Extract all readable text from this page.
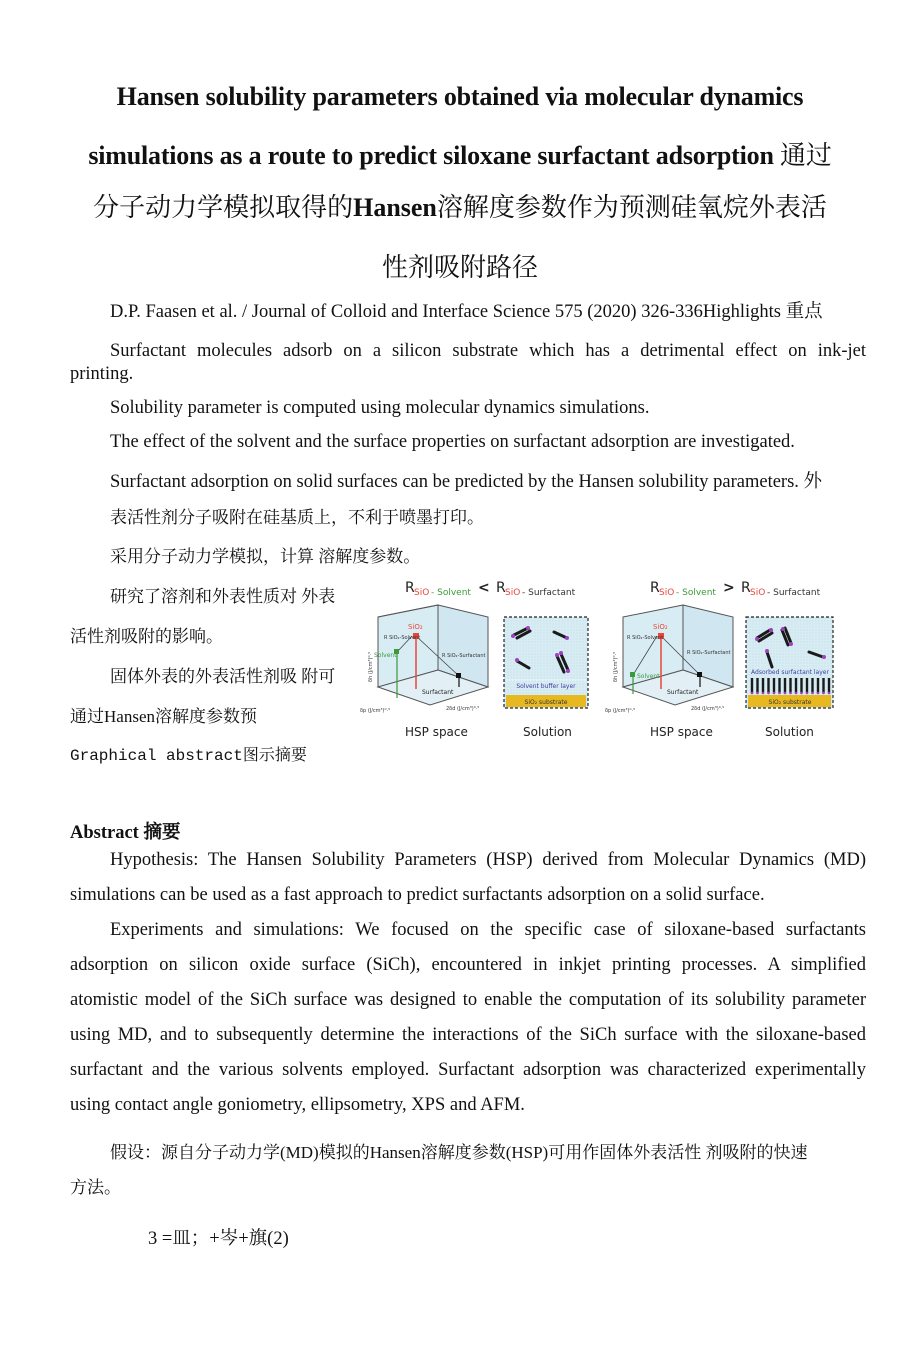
Hansen solubility parameters obtained via molecular dynamics
simulations as a route to predict siloxane surfactant adsorption 通过
分子动力学模拟取得的Hansen溶解度参数作为预测硅氧烷外表活
性剂吸附路径
D.P. Faasen et al. / Journal of Colloid and Interface Science 575 (2020) 326-336Highlights 重点
Surfactant molecules adsorb on a silicon substrate which has a detrimental effect on ink-jet
printing.
Solubility parameter is computed using molecular dynamics simulations.
The effect of the solvent and the surface properties on surfactant adsorption are investigated.
Surfactant adsorption on solid surfaces can be predicted by the Hansen solubility parameters. 外
表活性剂分子吸附在硅基质上，不利于喷墨打印。
采用分子动力学模拟，计算 溶解度参数。
研究了溶剂和外表性质对 外表
活性剂吸附的影响。
固体外表的外表活性剂吸 附可
通过Hansen溶解度参数预
Graphical abstract图示摘要
R SiO - Solvent < R SiO - Surfactant
SiO₂
Solvent
Surfactant
R SiO₂-Solvent
R SiO₂-Surfactant
δh (J/cm³)⁰·⁵
δp (J/cm³)⁰·⁵	2δd (J/cm³)⁰·⁵
HSP space
SiO₂ substrate
Solvent buffer layer
Solution
R SiO - Solvent > R SiO - Surfactant
SiO₂
Solvent
Surfactant
R SiO₂-Solvent
R SiO₂-Surfactant
δh (J/cm³)⁰·⁵
δp (J/cm³)⁰·⁵	2δd (J/cm³)⁰·⁵
HSP space
SiO₂ substrate
Adsorbed surfactant layer
Solution
Abstract 摘要
Hypothesis: The Hansen Solubility Parameters (HSP) derived from Molecular Dynamics (MD)
simulations can be used as a fast approach to predict surfactants adsorption on a solid surface.
Experiments and simulations: We focused on the specific case of siloxane-based surfactants
adsorption on silicon oxide surface (SiCh), encountered in inkjet printing processes. A simplified
atomistic model of the SiCh surface was designed to enable the computation of its solubility parameter
using MD, and to subsequently determine the interactions of the SiCh surface with the siloxane-based
surfactant and the various solvents employed. Surfactant adsorption was characterized experimentally
using contact angle goniometry, ellipsometry, XPS and AFM.
假设：源自分子动力学(MD)模拟的Hansen溶解度参数(HSP)可用作固体外表活性 剂吸附的快速
方法。
3 =皿；+岑+旗(2)
